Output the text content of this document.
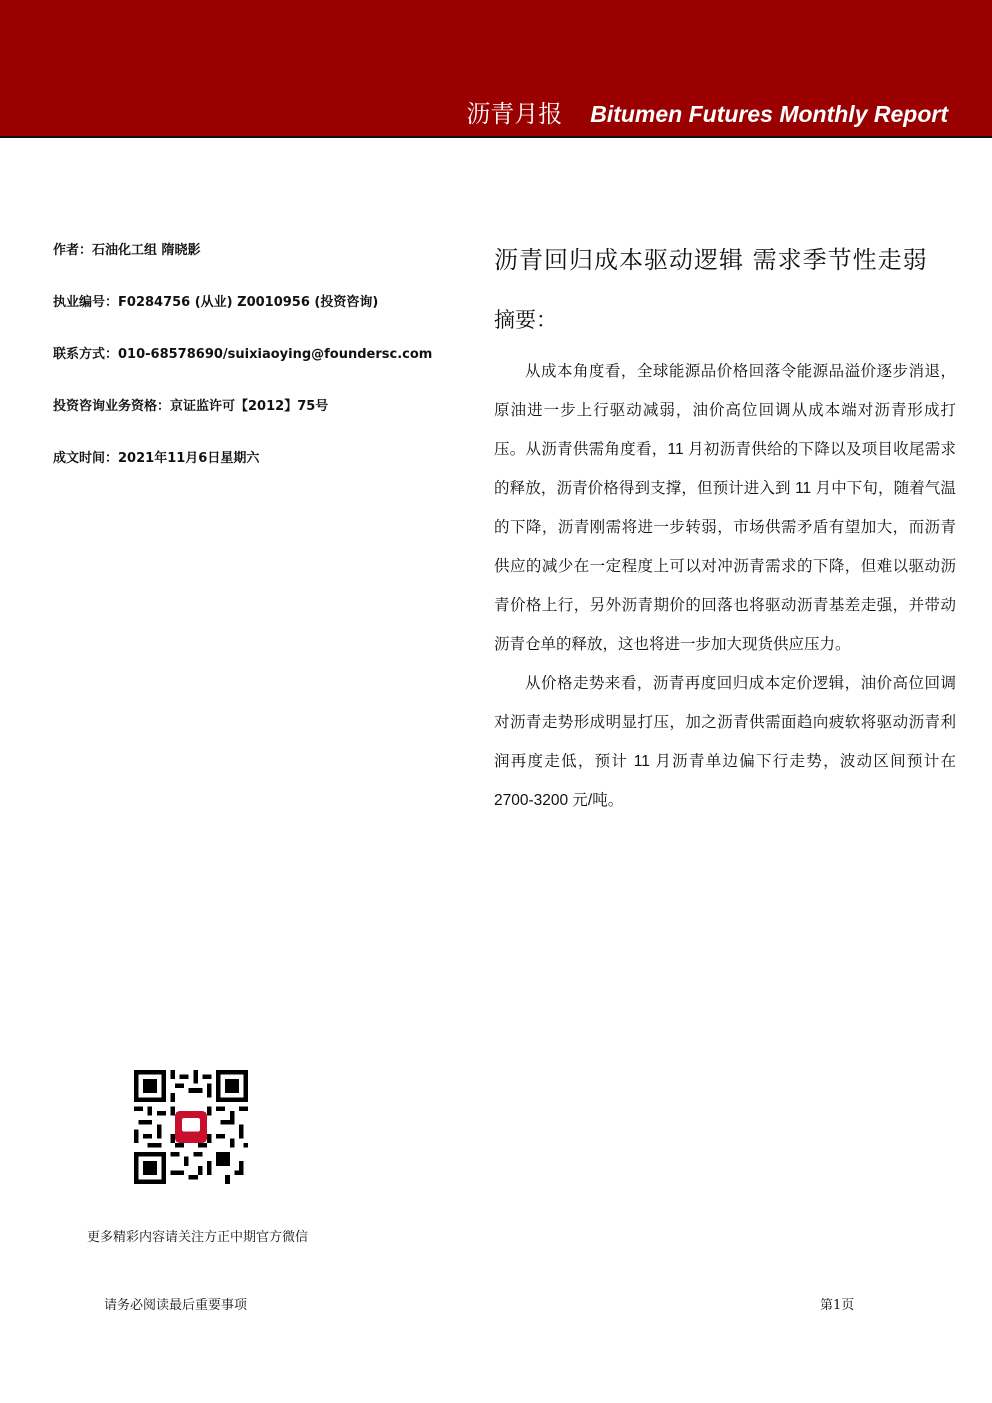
沥青月报 Bitumen Futures Monthly Report
作者：石油化工组 隋晓影
执业编号：F0284756 (从业) Z0010956 (投资咨询)
联系方式：010-68578690/suixiaoying@foundersc.com
投资咨询业务资格：京证监许可【2012】75号
成文时间：2021年11月6日星期六
沥青回归成本驱动逻辑 需求季节性走弱
摘要：

从成本角度看，全球能源品价格回落令能源品溢价逐步消退，原油进一步上行驱动减弱，油价高位回调从成本端对沥青形成打压。从沥青供需角度看，11 月初沥青供给的下降以及项目收尾需求的释放，沥青价格得到支撑，但预计进入到 11 月中下旬，随着气温的下降，沥青刚需将进一步转弱，市场供需矛盾有望加大，而沥青供应的减少在一定程度上可以对冲沥青需求的下降，但难以驱动沥青价格上行，另外沥青期价的回落也将驱动沥青基差走强，并带动沥青仓单的释放，这也将进一步加大现货供应压力。

从价格走势来看，沥青再度回归成本定价逻辑，油价高位回调对沥青走势形成明显打压，加之沥青供需面趋向疲软将驱动沥青利润再度走低，预计 11 月沥青单边偏下行走势，波动区间预计在 2700-3200 元/吨。

更多精彩内容请关注方正中期官方微信
请务必阅读最后重要事项	第1页
